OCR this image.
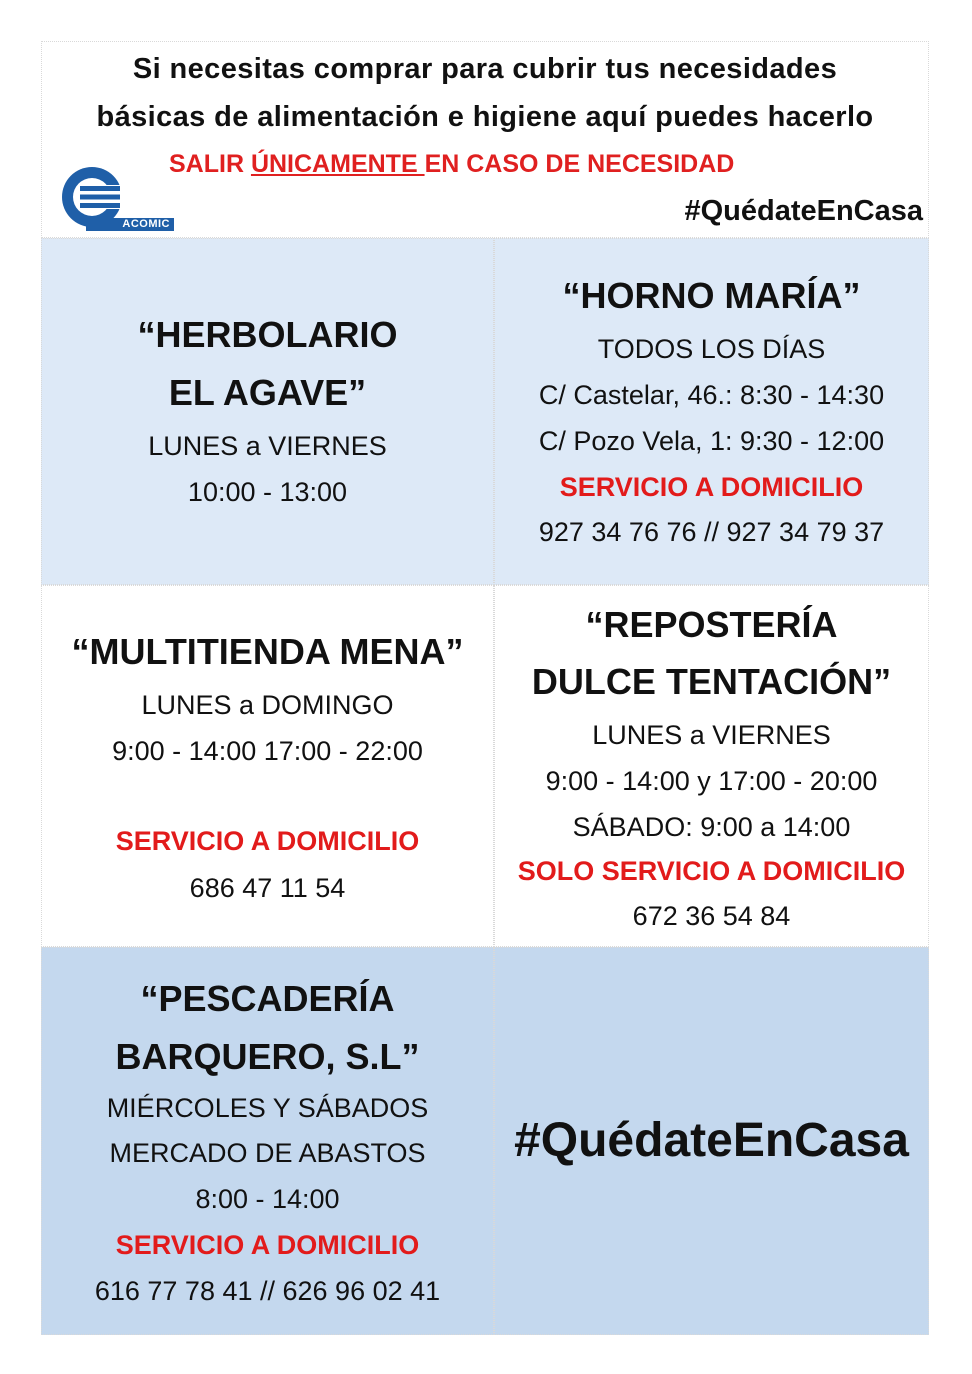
Si necesitas comprar para cubrir tus necesidades
básicas de alimentación e higiene aquí puedes hacerlo
SALIR ÚNICAMENTE EN CASO DE NECESIDAD
ACOMIC	#QuédateEnCasa
“HERBOLARIO
EL AGAVE”
LUNES a VIERNES
10:00 - 13:00
“HORNO MARÍA”
TODOS LOS DÍAS
C/ Castelar, 46.: 8:30 - 14:30
C/ Pozo Vela, 1: 9:30 - 12:00
SERVICIO A DOMICILIO
927 34 76 76 // 927 34 79 37
“MULTITIENDA MENA”
LUNES a DOMINGO
9:00 - 14:00 17:00 - 22:00
SERVICIO A DOMICILIO
686 47 11 54
“REPOSTERÍA
DULCE TENTACIÓN”
LUNES a VIERNES
9:00 - 14:00 y 17:00 - 20:00
SÁBADO: 9:00 a 14:00
SOLO SERVICIO A DOMICILIO
672 36 54 84
“PESCADERÍA
BARQUERO, S.L”
MIÉRCOLES Y SÁBADOS
MERCADO DE ABASTOS
8:00 - 14:00
SERVICIO A DOMICILIO
616 77 78 41 // 626 96 02 41
#QuédateEnCasa
